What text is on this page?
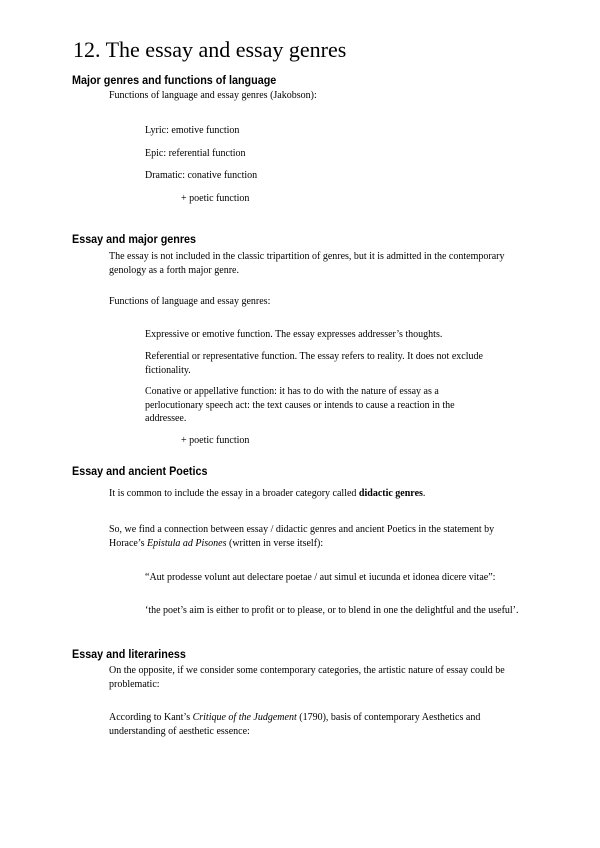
12. The essay and essay genres
Major genres and functions of language

Functions of language and essay genres (Jakobson):

Lyric: emotive function

Epic: referential function

Dramatic: conative function

+ poetic function

Essay and major genres

The essay is not included in the classic tripartition of genres, but it is admitted in the contemporary genology as a forth major genre.

Functions of language and essay genres:

Expressive or emotive function. The essay expresses addresser’s thoughts.

Referential or representative function. The essay refers to reality. It does not exclude fictionality.

Conative or appellative function: it has to do with the nature of essay as a perlocutionary speech act: the text causes or intends to cause a reaction in the addressee.

+ poetic function

Essay and ancient Poetics

It is common to include the essay in a broader category called didactic genres.

So, we find a connection between essay / didactic genres and ancient Poetics in the statement by Horace’s Epistula ad Pisones (written in verse itself):

“Aut prodesse volunt aut delectare poetae / aut simul et iucunda et idonea dicere vitae”:

‘the poet’s aim is either to profit or to please, or to blend in one the delightful and the useful’.

Essay and literariness

On the opposite, if we consider some contemporary categories, the artistic nature of essay could be problematic:

According to Kant’s Critique of the Judgement (1790), basis of contemporary Aesthetics and understanding of aesthetic essence:
